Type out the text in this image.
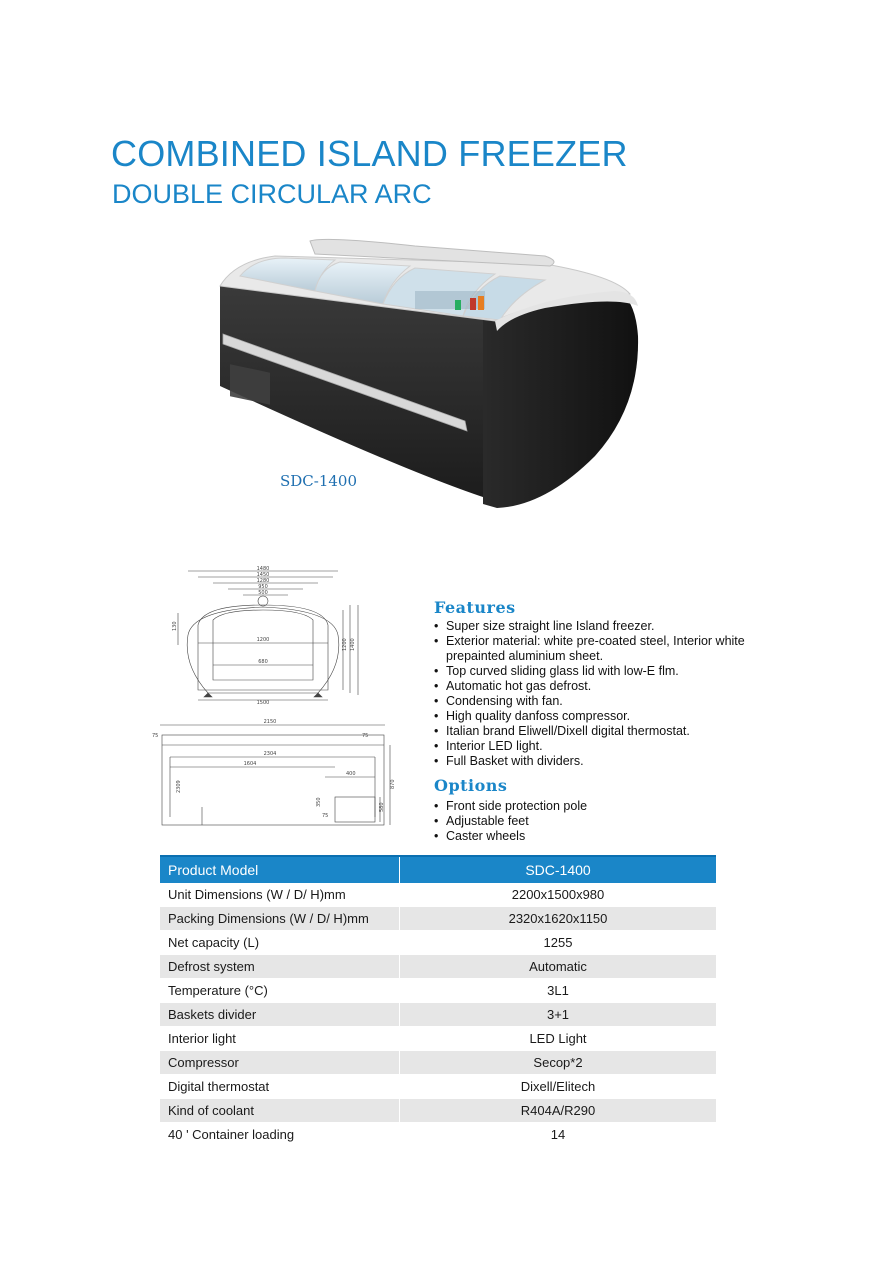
COMBINED ISLAND FREEZER
DOUBLE CIRCULAR ARC
SDC-1400
1480
1450
1280
950
500
1200
680
1200 1400
130
1500
2150
75	75
2304
1604
400
2309
350
75
580
870
Features
• Super size straight line Island freezer.
• Exterior material: white pre-coated steel, Interior white prepainted aluminium sheet.
• Top curved sliding glass lid with low-E flm.
• Automatic hot gas defrost.
• Condensing with fan.
• High quality danfoss compressor.
• Italian brand Eliwell/Dixell digital thermostat.
• Interior LED light.
• Full Basket with dividers.
Options
• Front side protection pole
• Adjustable feet
• Caster wheels
Product Model	SDC-1400
Unit Dimensions (W / D/ H)mm	2200x1500x980
Packing Dimensions (W / D/ H)mm	2320x1620x1150
Net capacity (L)	1255
Defrost system	Automatic
Temperature (°C)	3L1
Baskets divider	3+1
Interior light	LED Light
Compressor	Secop*2
Digital thermostat	Dixell/Elitech
Kind of coolant	R404A/R290
40 ' Container loading	14
